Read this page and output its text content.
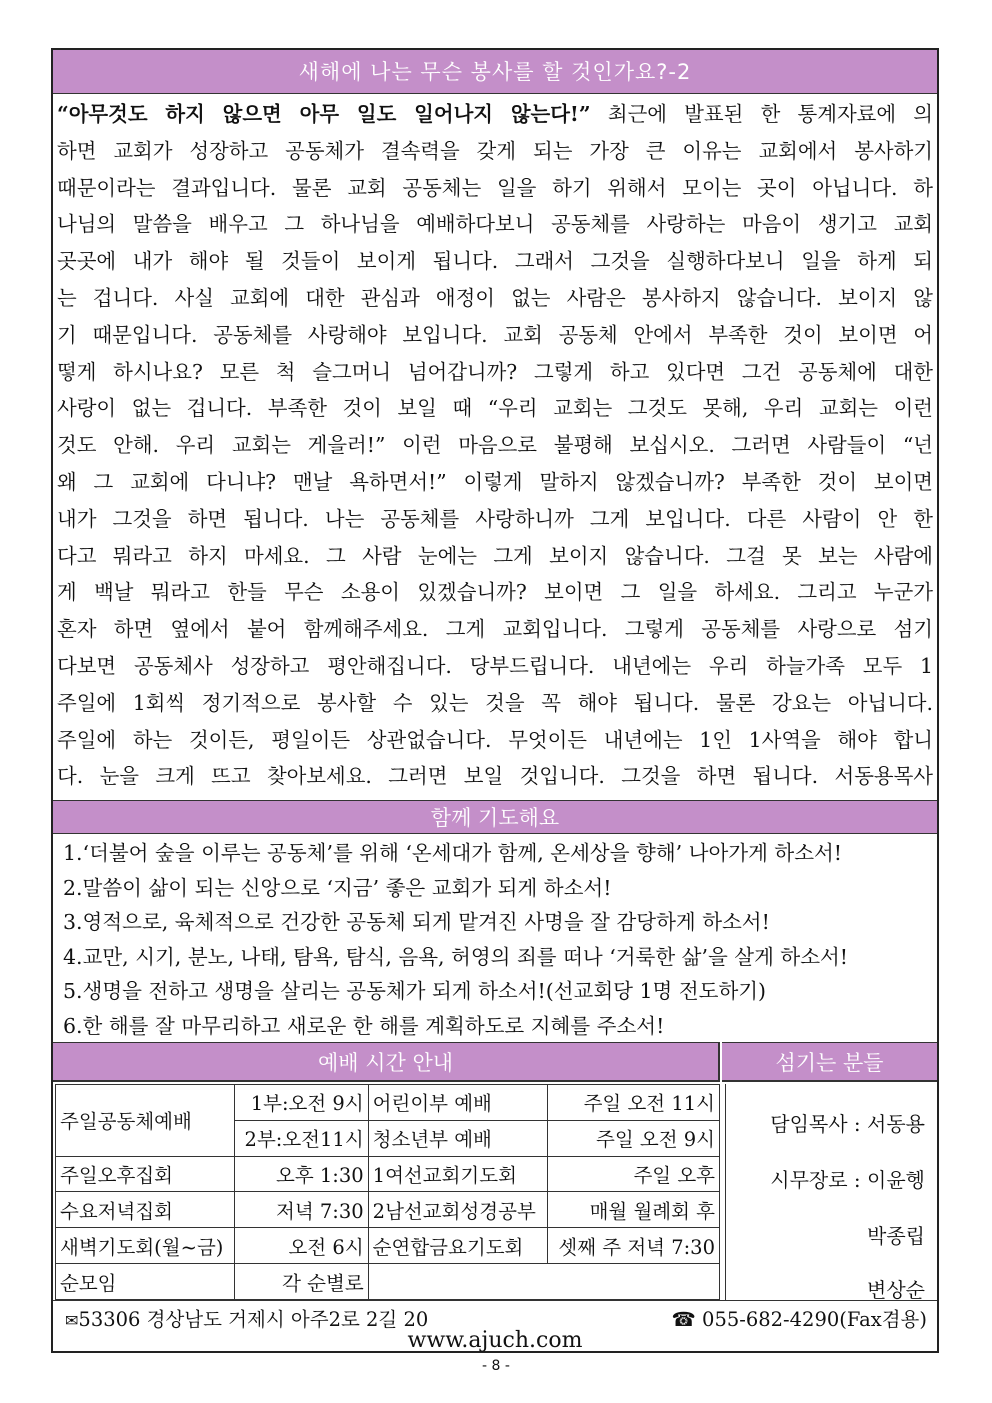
새해에 나는 무슨 봉사를 할 것인가요?-2
“아무것도 하지 않으면 아무 일도 일어나지 않는다!” 최근에 발표된 한 통계자료에 의
하면 교회가 성장하고 공동체가 결속력을 갖게 되는 가장 큰 이유는 교회에서 봉사하기
때문이라는 결과입니다. 물론 교회 공동체는 일을 하기 위해서 모이는 곳이 아닙니다. 하
나님의 말씀을 배우고 그 하나님을 예배하다보니 공동체를 사랑하는 마음이 생기고 교회
곳곳에 내가 해야 될 것들이 보이게 됩니다. 그래서 그것을 실행하다보니 일을 하게 되
는 겁니다. 사실 교회에 대한 관심과 애정이 없는 사람은 봉사하지 않습니다. 보이지 않
기 때문입니다. 공동체를 사랑해야 보입니다. 교회 공동체 안에서 부족한 것이 보이면 어
떻게 하시나요? 모른 척 슬그머니 넘어갑니까? 그렇게 하고 있다면 그건 공동체에 대한
사랑이 없는 겁니다. 부족한 것이 보일 때 “우리 교회는 그것도 못해, 우리 교회는 이런
것도 안해. 우리 교회는 게을러!” 이런 마음으로 불평해 보십시오. 그러면 사람들이 “넌
왜 그 교회에 다니냐? 맨날 욕하면서!” 이렇게 말하지 않겠습니까? 부족한 것이 보이면
내가 그것을 하면 됩니다. 나는 공동체를 사랑하니까 그게 보입니다. 다른 사람이 안 한
다고 뭐라고 하지 마세요. 그 사람 눈에는 그게 보이지 않습니다. 그걸 못 보는 사람에
게 백날 뭐라고 한들 무슨 소용이 있겠습니까? 보이면 그 일을 하세요. 그리고 누군가
혼자 하면 옆에서 붙어 함께해주세요. 그게 교회입니다. 그렇게 공동체를 사랑으로 섬기
다보면 공동체사 성장하고 평안해집니다. 당부드립니다. 내년에는 우리 하늘가족 모두 1
주일에 1회씩 정기적으로 봉사할 수 있는 것을 꼭 해야 됩니다. 물론 강요는 아닙니다.
주일에 하는 것이든, 평일이든 상관없습니다. 무엇이든 내년에는 1인 1사역을 해야 합니
다. 눈을 크게 뜨고 찾아보세요. 그러면 보일 것입니다. 그것을 하면 됩니다. 서동용목사
함께 기도해요
1.‘더불어 숲을 이루는 공동체’를 위해 ‘온세대가 함께, 온세상을 향해’ 나아가게 하소서!
2.말씀이 삶이 되는 신앙으로 ‘지금’ 좋은 교회가 되게 하소서!
3.영적으로, 육체적으로 건강한 공동체 되게 맡겨진 사명을 잘 감당하게 하소서!
4.교만, 시기, 분노, 나태, 탐욕, 탐식, 음욕, 허영의 죄를 떠나 ‘거룩한 삶’을 살게 하소서!
5.생명을 전하고 생명을 살리는 공동체가 되게 하소서!(선교회당 1명 전도하기)
6.한 해를 잘 마무리하고 새로운 한 해를 계획하도로 지혜를 주소서!
예배 시간 안내	섬기는 분들
주일공동체예배	1부:오전 9시	어린이부 예배	주일 오전 11시
	2부:오전11시	청소년부 예배	주일 오전 9시
주일오후집회	오후 1:30	1여선교회기도회	주일 오후
수요저녁집회	저녁 7:30	2남선교회성경공부	매월 월례회 후
새벽기도회(월~금)	오전 6시	순연합금요기도회	셋째 주 저녁 7:30
순모임	각 순별로		
담임목사 : 서동용
시무장로 : 이윤헹
박종립
변상순
✉53306 경상남도 거제시 아주2로 2길 20	☎ 055-682-4290(Fax겸용)
www.ajuch.com
- 8 -
